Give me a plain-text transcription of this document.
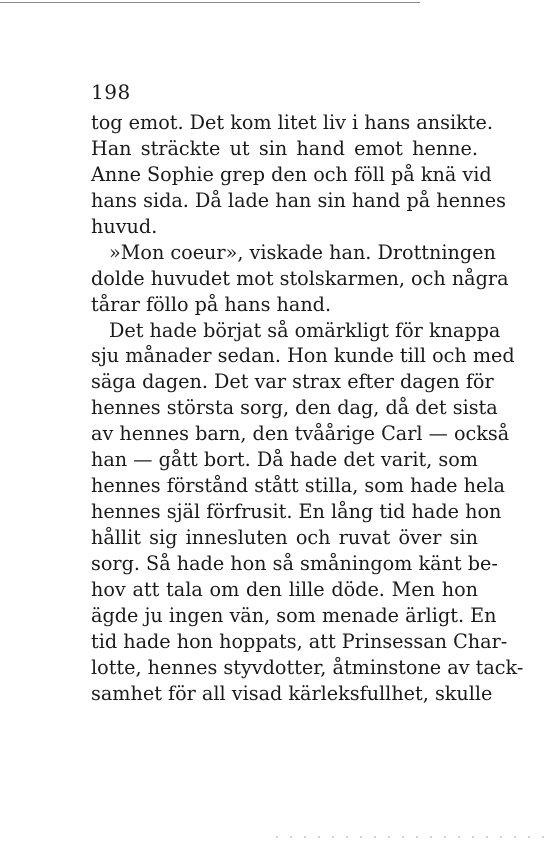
198
tog emot. Det kom litet liv i hans ansikte.
Han sträckte ut sin hand emot henne.
Anne Sophie grep den och föll på knä vid
hans sida. Då lade han sin hand på hennes
huvud.
»Mon coeur», viskade han. Drottningen
dolde huvudet mot stolskarmen, och några
tårar föllo på hans hand.
Det hade börjat så omärkligt för knappa
sju månader sedan. Hon kunde till och med
säga dagen. Det var strax efter dagen för
hennes största sorg, den dag, då det sista
av hennes barn, den tvåårige Carl — också
han — gått bort. Då hade det varit, som
hennes förstånd stått stilla, som hade hela
hennes själ förfrusit. En lång tid hade hon
hållit sig innesluten och ruvat över sin
sorg. Så hade hon så småningom känt be-
hov att tala om den lille döde. Men hon
ägde ju ingen vän, som menade ärligt. En
tid hade hon hoppats, att Prinsessan Char-
lotte, hennes styvdotter, åtminstone av tack-
samhet för all visad kärleksfullhet, skulle
